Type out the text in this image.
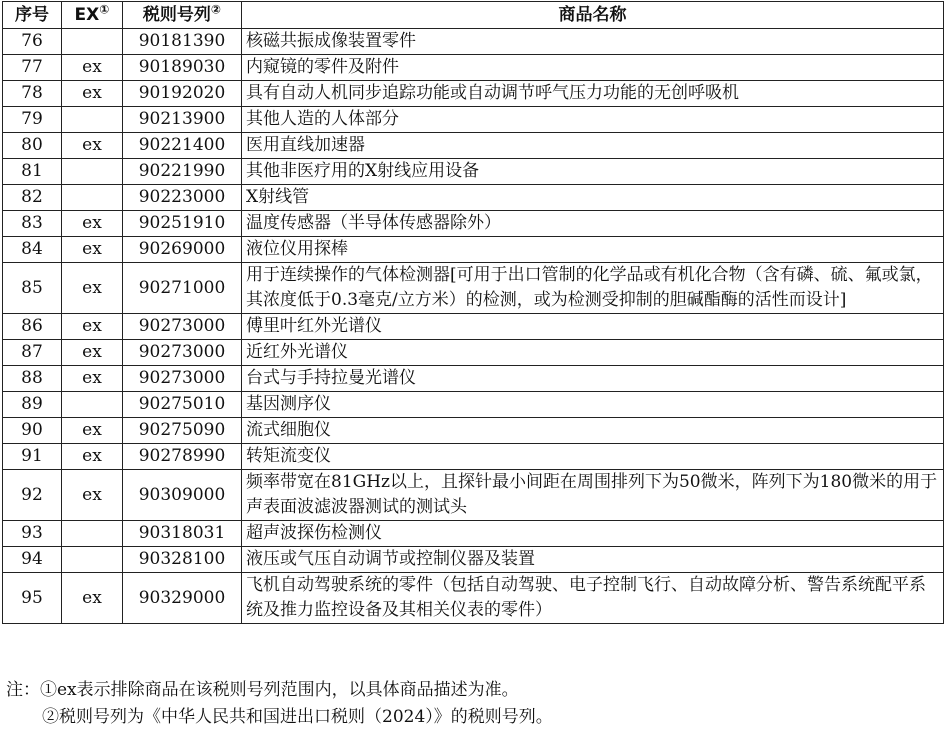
序号	EX①	税则号列②	商品名称
76		90181390	核磁共振成像装置零件
77	ex	90189030	内窥镜的零件及附件
78	ex	90192020	具有自动人机同步追踪功能或自动调节呼气压力功能的无创呼吸机
79		90213900	其他人造的人体部分
80	ex	90221400	医用直线加速器
81		90221990	其他非医疗用的X射线应用设备
82		90223000	X射线管
83	ex	90251910	温度传感器（半导体传感器除外）
84	ex	90269000	液位仪用探棒
85	ex	90271000	用于连续操作的气体检测器[可用于出口管制的化学品或有机化合物（含有磷、硫、氟或氯，其浓度低于0.3毫克/立方米）的检测，或为检测受抑制的胆碱酯酶的活性而设计]
86	ex	90273000	傅里叶红外光谱仪
87	ex	90273000	近红外光谱仪
88	ex	90273000	台式与手持拉曼光谱仪
89		90275010	基因测序仪
90	ex	90275090	流式细胞仪
91	ex	90278990	转矩流变仪
92	ex	90309000	频率带宽在81GHz以上，且探针最小间距在周围排列下为50微米，阵列下为180微米的用于声表面波滤波器测试的测试头
93		90318031	超声波探伤检测仪
94		90328100	液压或气压自动调节或控制仪器及装置
95	ex	90329000	飞机自动驾驶系统的零件（包括自动驾驶、电子控制飞行、自动故障分析、警告系统配平系统及推力监控设备及其相关仪表的零件）
注：①ex表示排除商品在该税则号列范围内，以具体商品描述为准。
②税则号列为《中华人民共和国进出口税则（2024）》的税则号列。
